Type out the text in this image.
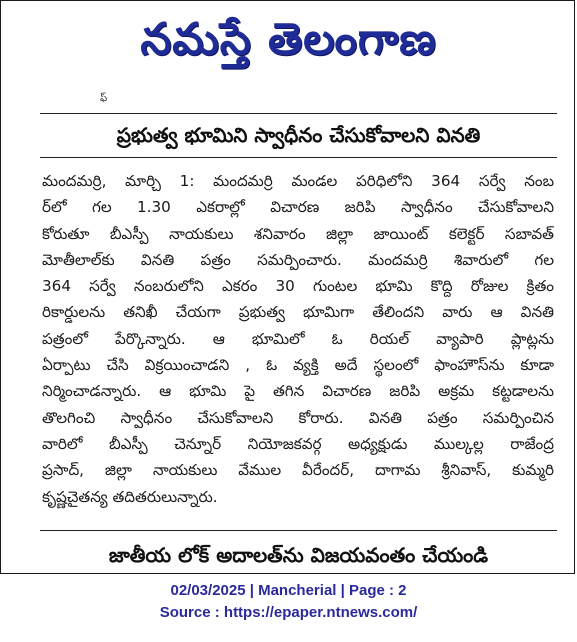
నమస్తే తెలంగాణ
ఫ్
ప్రభుత్వ భూమిని స్వాధీనం చేసుకోవాలని వినతి
మందమర్రి, మార్చి 1: మందమర్రి మండల పరిధిలోని 364 సర్వే నంబ
ర్‌లో గల 1.30 ఎకరాల్లో విచారణ జరిపి స్వాధీనం చేసుకోవాలని
కోరుతూ బీఎస్పీ నాయకులు శనివారం జిల్లా జాయింట్ కలెక్టర్ సబావత్
మోతీలాల్‌కు వినతి పత్రం సమర్పించారు. మందమర్రి శివారులో గల
364 సర్వే నంబరులోని ఎకరం 30 గుంటల భూమి కొద్ది రోజుల క్రితం
రికార్డులను తనిఖీ చేయగా ప్రభుత్వ భూమిగా తేలిందని వారు ఆ వినతి
పత్రంలో పేర్కొన్నారు. ఆ భూమిలో ఓ రియల్ వ్యాపారి ప్లాట్లను
ఏర్పాటు చేసి విక్రయించాడని , ఓ వ్యక్తి అదే స్థలంలో ఫాంహౌస్‌ను కూడా
నిర్మించాడన్నారు. ఆ భూమి పై తగిన విచారణ జరిపి అక్రమ కట్టడాలను
తొలగించి స్వాధీనం చేసుకోవాలని కోరారు. వినతి పత్రం సమర్పించిన
వారిలో బీఎస్పీ చెన్నూర్ నియోజకవర్గ అధ్యక్షుడు ముల్కల్ల రాజేంద్ర
ప్రసాద్, జిల్లా నాయకులు వేముల వీరేందర్, దాగామ శ్రీనివాస్, కుమ్మరి
కృష్ణచైతన్య తదితరులున్నారు.
జాతీయ లోక్ అదాలత్‌ను విజయవంతం చేయండి
02/03/2025 | Mancherial | Page : 2
Source : https://epaper.ntnews.com/
